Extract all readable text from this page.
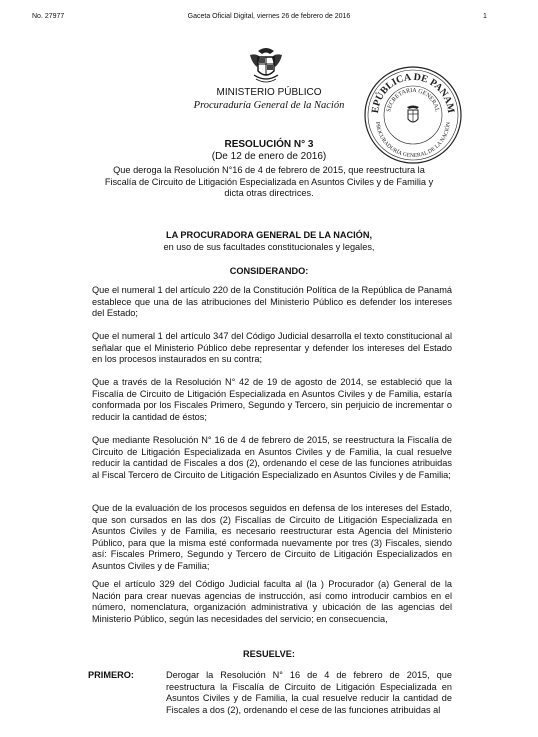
No. 27977	Gaceta Oficial Digital, viernes 26 de febrero de 2016	1
EPÚBLICA DE PANAM
SECRETARIA GENERAL
PROCURADURÍA GENERAL DE LA NACIÓN
MINISTERIO PÚBLICO
Procuraduría General de la Nación
RESOLUCIÓN N° 3
(De 12 de enero de 2016)
Que deroga la Resolución N°16 de 4 de febrero de 2015, que reestructura la
Fiscalía de Circuito de Litigación Especializada en Asuntos Civiles y de Familia y
dicta otras directrices.
LA PROCURADORA GENERAL DE LA NACIÓN,
en uso de sus facultades constitucionales y legales,
CONSIDERANDO:
Que el numeral 1 del artículo 220 de la Constitución Política de la República de Panamá establece que una de las atribuciones del Ministerio Público es defender los intereses del Estado;
Que el numeral 1 del artículo 347 del Código Judicial desarrolla el texto constitucional al señalar que el Ministerio Público debe representar y defender los intereses del Estado en los procesos instaurados en su contra;
Que a través de la Resolución N° 42 de 19 de agosto de 2014, se estableció que la Fiscalía de Circuito de Litigación Especializada en Asuntos Civiles y de Familia, estaría conformada por los Fiscales Primero, Segundo y Tercero, sin perjuicio de incrementar o reducir la cantidad de éstos;
Que mediante Resolución N° 16 de 4 de febrero de 2015, se reestructura la Fiscalía de Circuito de Litigación Especializada en Asuntos Civiles y de Familia, la cual resuelve reducir la cantidad de Fiscales a dos (2), ordenando el cese de las funciones atribuidas al Fiscal Tercero de Circuito de Litigación Especializado en Asuntos Civiles y de Familia;
Que de la evaluación de los procesos seguidos en defensa de los intereses del Estado, que son cursados en las dos (2) Fiscalías de Circuito de Litigación Especializada en Asuntos Civiles y de Familia, es necesario reestructurar esta Agencia del Ministerio Público, para que la misma esté conformada nuevamente por tres (3) Fiscales, siendo así: Fiscales Primero, Segundo y Tercero de Circuito de Litigación Especializados en Asuntos Civiles y de Familia;
Que el artículo 329 del Código Judicial faculta al (la ) Procurador (a) General de la Nación para crear nuevas agencias de instrucción, así como introducir cambios en el número, nomenclatura, organización administrativa y ubicación de las agencias del Ministerio Público, según las necesidades del servicio; en consecuencia,
RESUELVE:
PRIMERO:	Derogar la Resolución N° 16 de 4 de febrero de 2015, que reestructura la Fiscalía de Circuito de Litigación Especializada en Asuntos Civiles y de Familia, la cual resuelve reducir la cantidad de Fiscales a dos (2), ordenando el cese de las funciones atribuidas al
